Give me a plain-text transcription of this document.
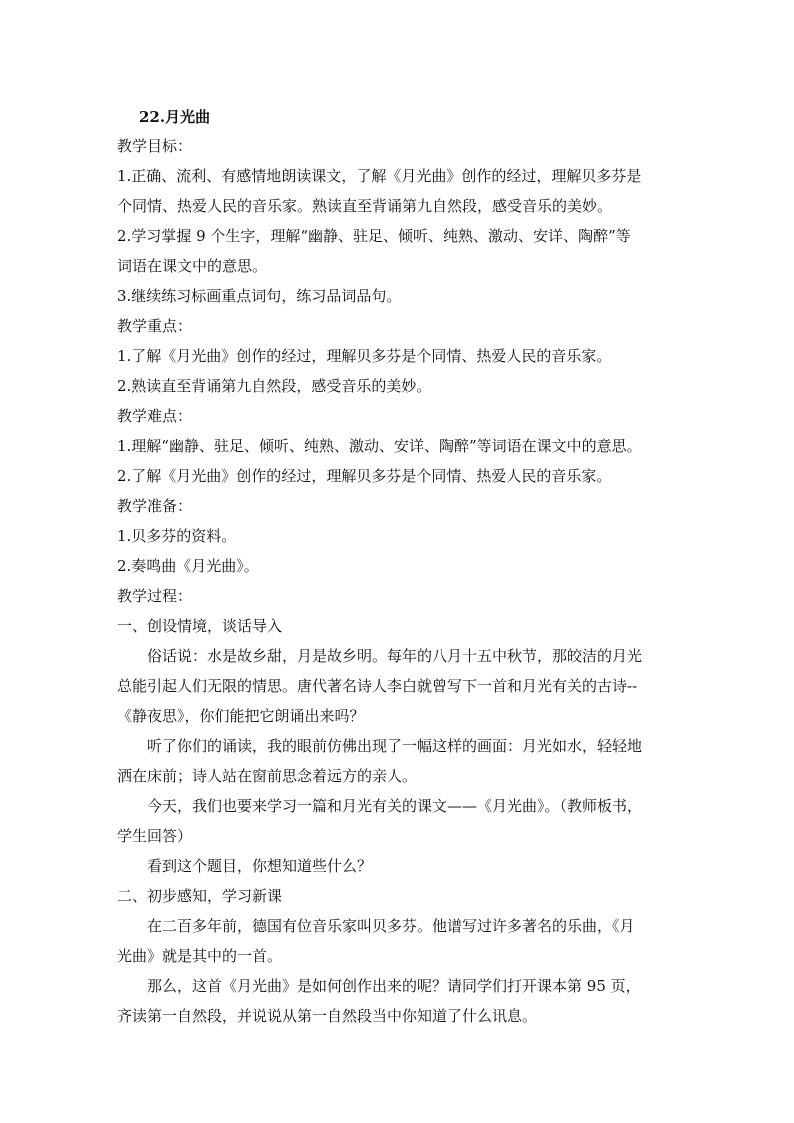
22.月光曲
教学目标：
1.正确、流利、有感情地朗读课文，了解《月光曲》创作的经过，理解贝多芬是
个同情、热爱人民的音乐家。熟读直至背诵第九自然段，感受音乐的美妙。
2.学习掌握 9 个生字，理解“幽静、驻足、倾听、纯熟、激动、安详、陶醉”等
词语在课文中的意思。
3.继续练习标画重点词句，练习品词品句。
教学重点：
1.了解《月光曲》创作的经过，理解贝多芬是个同情、热爱人民的音乐家。
2.熟读直至背诵第九自然段，感受音乐的美妙。
教学难点：
1.理解“幽静、驻足、倾听、纯熟、激动、安详、陶醉”等词语在课文中的意思。
2.了解《月光曲》创作的经过，理解贝多芬是个同情、热爱人民的音乐家。
教学准备：
1.贝多芬的资料。
2.奏鸣曲《月光曲》。
教学过程：
一、创设情境，谈话导入
俗话说：水是故乡甜，月是故乡明。每年的八月十五中秋节，那皎洁的月光
总能引起人们无限的情思。唐代著名诗人李白就曾写下一首和月光有关的古诗--
《静夜思》，你们能把它朗诵出来吗？
听了你们的诵读，我的眼前仿佛出现了一幅这样的画面：月光如水，轻轻地
洒在床前；诗人站在窗前思念着远方的亲人。
今天，我们也要来学习一篇和月光有关的课文——《月光曲》。（教师板书，
学生回答）
看到这个题目，你想知道些什么？
二、初步感知，学习新课
在二百多年前，德国有位音乐家叫贝多芬。他谱写过许多著名的乐曲，《月
光曲》就是其中的一首。
那么，这首《月光曲》是如何创作出来的呢？请同学们打开课本第 95 页，
齐读第一自然段，并说说从第一自然段当中你知道了什么讯息。
